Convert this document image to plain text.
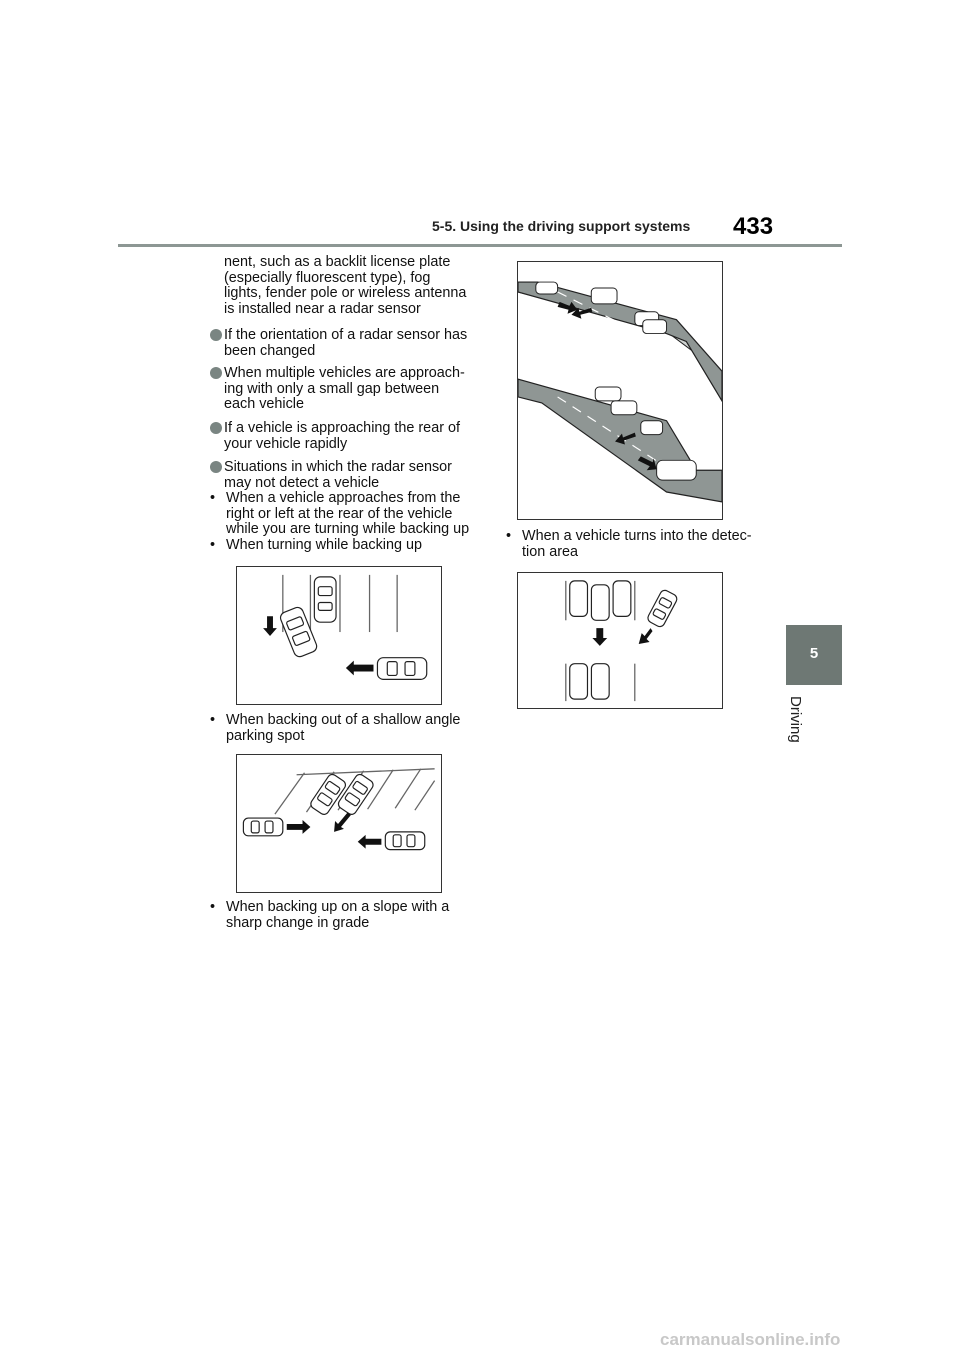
5-5. Using the driving support systems 433
5
Driving
nent, such as a backlit license plate
(especially fluorescent type), fog
lights, fender pole or wireless antenna
is installed near a radar sensor
If the orientation of a radar sensor has
been changed
When multiple vehicles are approach-
ing with only a small gap between
each vehicle
If a vehicle is approaching the rear of
your vehicle rapidly
Situations in which the radar sensor
may not detect a vehicle
• When a vehicle approaches from the
right or left at the rear of the vehicle
while you are turning while backing up
• When turning while backing up
• When backing out of a shallow angle
parking spot
• When backing up on a slope with a
sharp change in grade
• When a vehicle turns into the detec-
tion area
carmanualsonline.info
